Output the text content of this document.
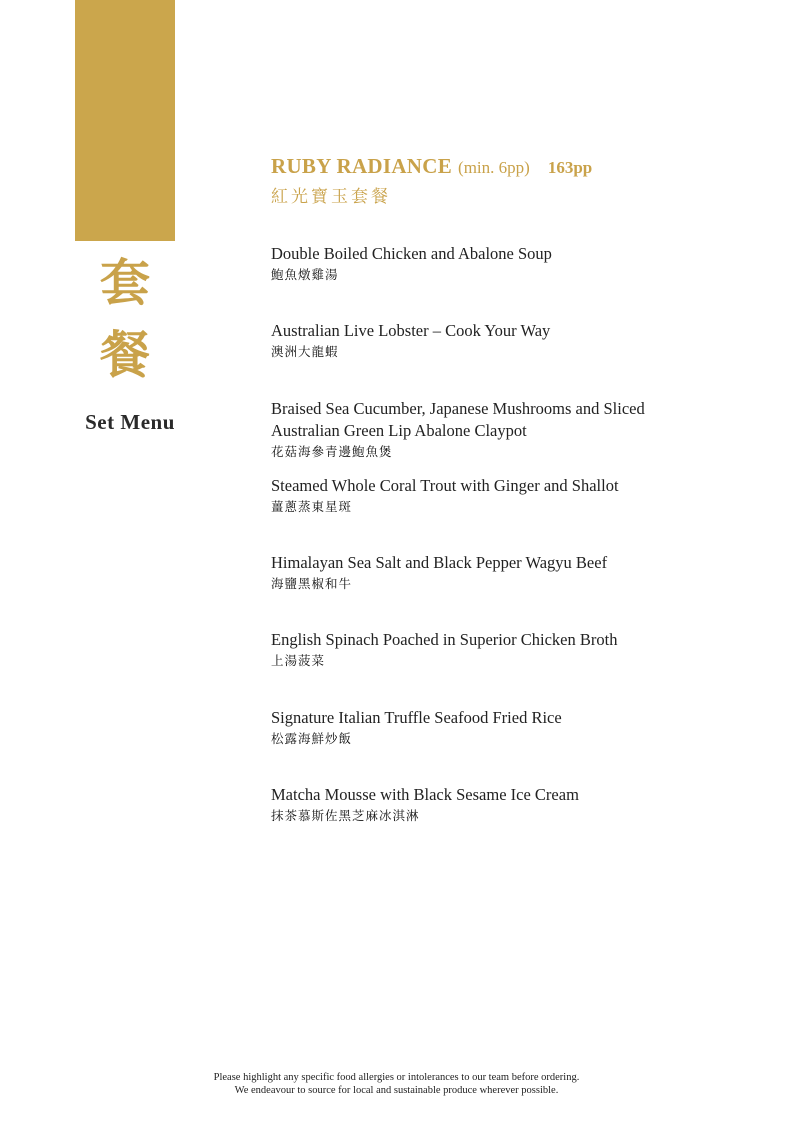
套
餐
Set Menu
RUBY RADIANCE (min. 6pp) 163pp
紅光寶玉套餐
Double Boiled Chicken and Abalone Soup
鮑魚燉雞湯
Australian Live Lobster – Cook Your Way
澳洲大龍蝦
Braised Sea Cucumber, Japanese Mushrooms and Sliced
Australian Green Lip Abalone Claypot
花菇海參青邊鮑魚煲
Steamed Whole Coral Trout with Ginger and Shallot
薑蔥蒸東星斑
Himalayan Sea Salt and Black Pepper Wagyu Beef
海鹽黑椒和牛
English Spinach Poached in Superior Chicken Broth
上湯菠菜
Signature Italian Truffle Seafood Fried Rice
松露海鮮炒飯
Matcha Mousse with Black Sesame Ice Cream
抹茶慕斯佐黑芝麻冰淇淋
Please highlight any specific food allergies or intolerances to our team before ordering.
We endeavour to source for local and sustainable produce wherever possible.
